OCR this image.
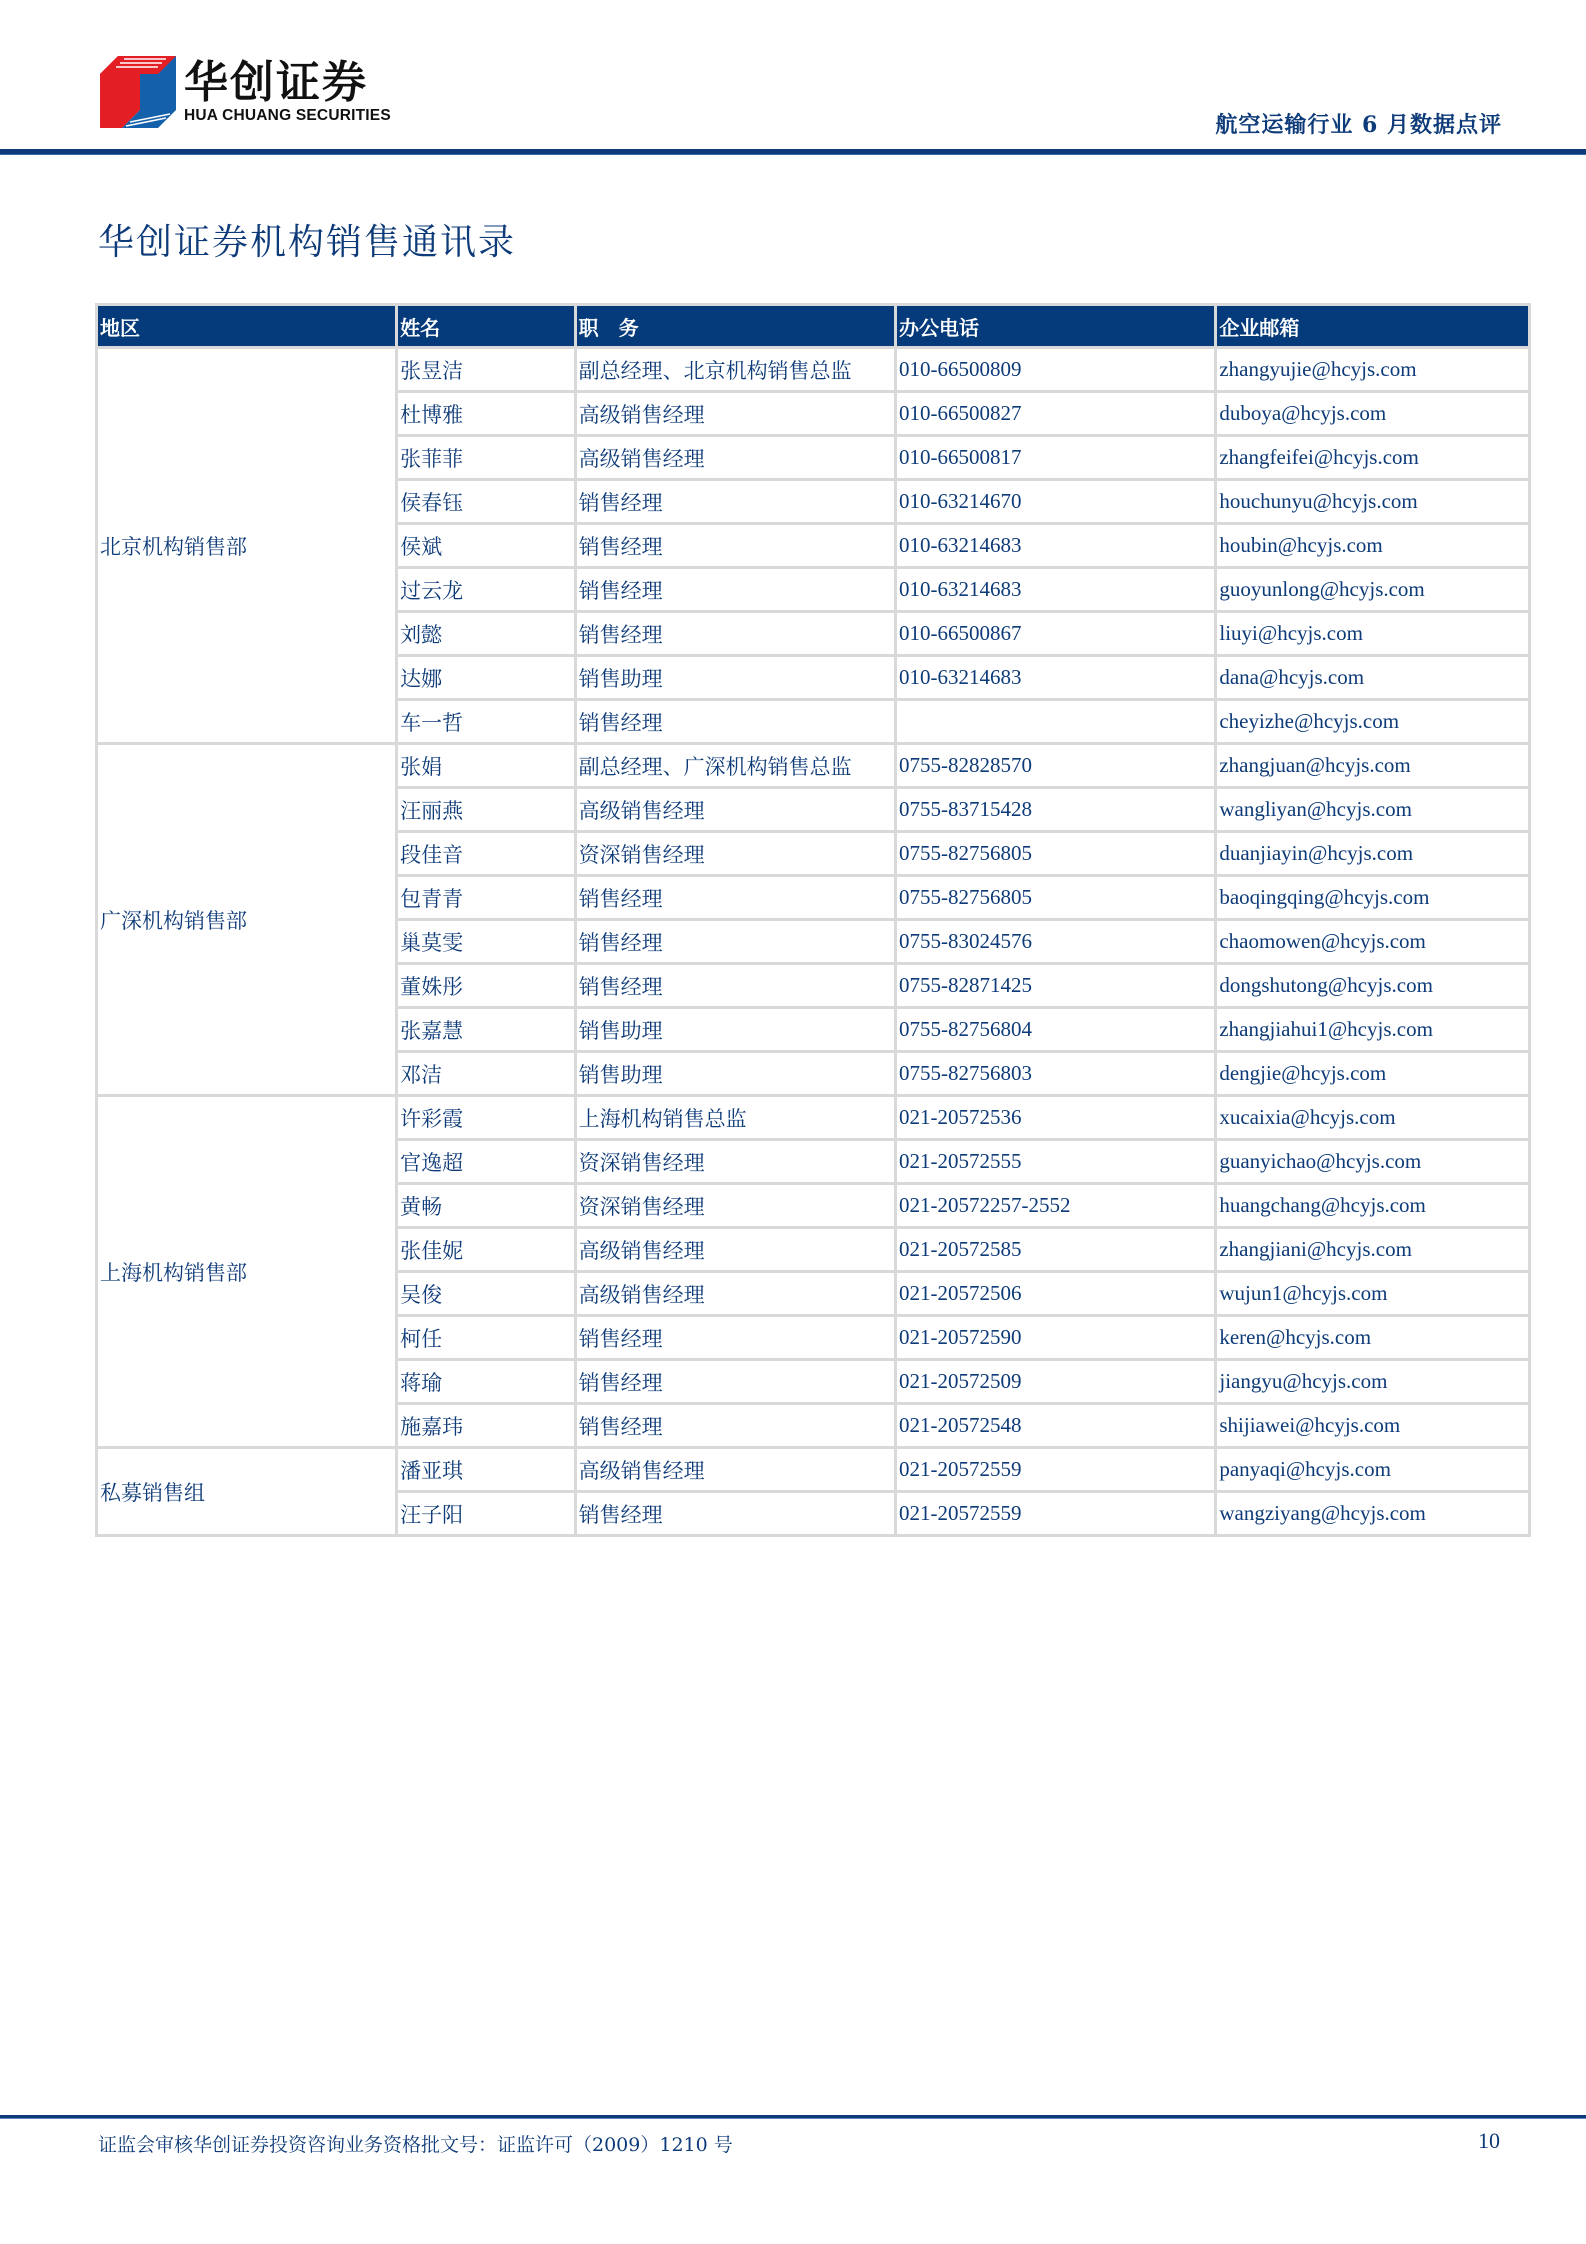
华创证券
HUA CHUANG SECURITIES	航空运输行业 6 月数据点评
华创证券机构销售通讯录
地区	姓名	职　务	办公电话	企业邮箱
北京机构销售部	张昱洁	副总经理、北京机构销售总监	010-66500809	zhangyujie@hcyjs.com
	杜博雅	高级销售经理	010-66500827	duboya@hcyjs.com
	张菲菲	高级销售经理	010-66500817	zhangfeifei@hcyjs.com
	侯春钰	销售经理	010-63214670	houchunyu@hcyjs.com
	侯斌	销售经理	010-63214683	houbin@hcyjs.com
	过云龙	销售经理	010-63214683	guoyunlong@hcyjs.com
	刘懿	销售经理	010-66500867	liuyi@hcyjs.com
	达娜	销售助理	010-63214683	dana@hcyjs.com
	车一哲	销售经理		cheyizhe@hcyjs.com
广深机构销售部	张娟	副总经理、广深机构销售总监	0755-82828570	zhangjuan@hcyjs.com
	汪丽燕	高级销售经理	0755-83715428	wangliyan@hcyjs.com
	段佳音	资深销售经理	0755-82756805	duanjiayin@hcyjs.com
	包青青	销售经理	0755-82756805	baoqingqing@hcyjs.com
	巢莫雯	销售经理	0755-83024576	chaomowen@hcyjs.com
	董姝彤	销售经理	0755-82871425	dongshutong@hcyjs.com
	张嘉慧	销售助理	0755-82756804	zhangjiahui1@hcyjs.com
	邓洁	销售助理	0755-82756803	dengjie@hcyjs.com
上海机构销售部	许彩霞	上海机构销售总监	021-20572536	xucaixia@hcyjs.com
	官逸超	资深销售经理	021-20572555	guanyichao@hcyjs.com
	黄畅	资深销售经理	021-20572257-2552	huangchang@hcyjs.com
	张佳妮	高级销售经理	021-20572585	zhangjiani@hcyjs.com
	吴俊	高级销售经理	021-20572506	wujun1@hcyjs.com
	柯任	销售经理	021-20572590	keren@hcyjs.com
	蒋瑜	销售经理	021-20572509	jiangyu@hcyjs.com
	施嘉玮	销售经理	021-20572548	shijiawei@hcyjs.com
私募销售组	潘亚琪	高级销售经理	021-20572559	panyaqi@hcyjs.com
	汪子阳	销售经理	021-20572559	wangziyang@hcyjs.com
证监会审核华创证券投资咨询业务资格批文号：证监许可（2009）1210 号	10
